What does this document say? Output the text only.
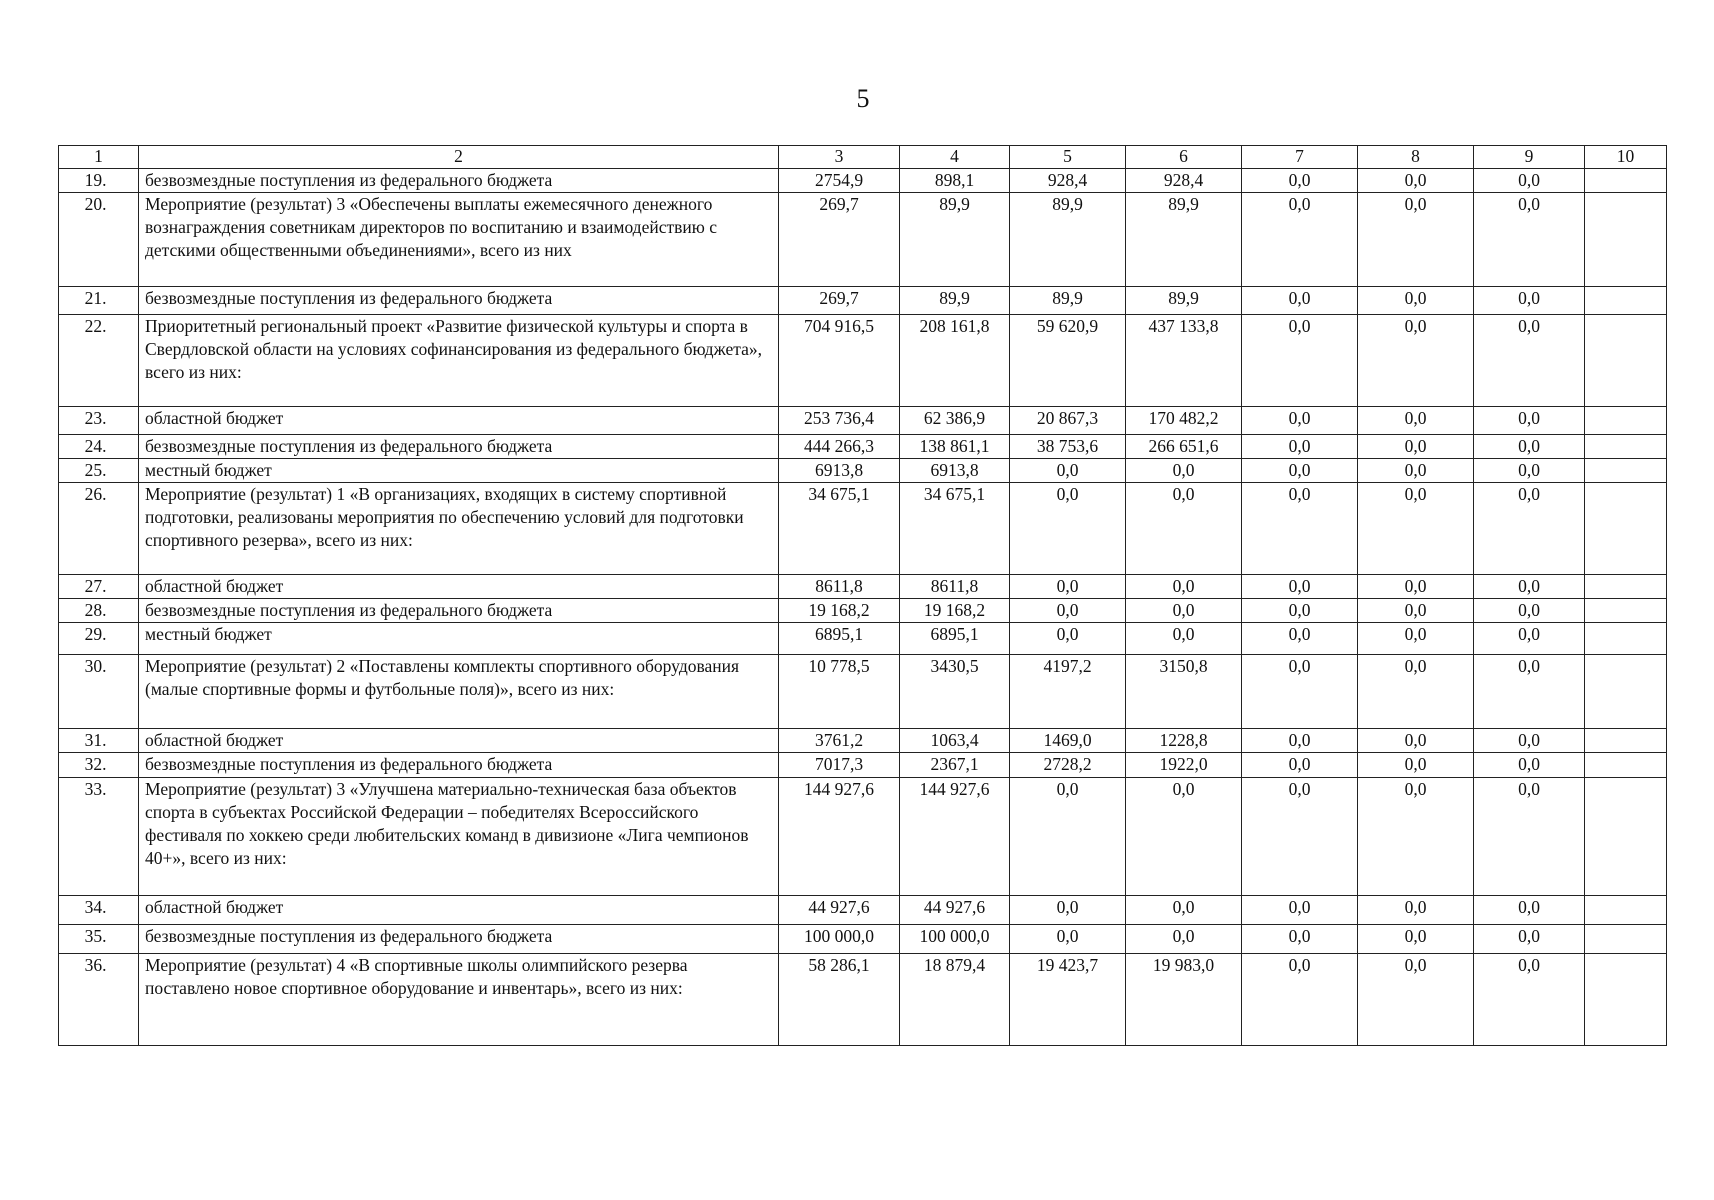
5
1	2	3	4	5	6	7	8	9	10
19.	безвозмездные поступления из федерального бюджета	2754,9	898,1	928,4	928,4	0,0	0,0	0,0	
20.	Мероприятие (результат) 3 «Обеспечены выплаты ежемесячного денежного вознаграждения советникам директоров по воспитанию и взаимодействию с детскими общественными объединениями», всего из них	269,7	89,9	89,9	89,9	0,0	0,0	0,0	
21.	безвозмездные поступления из федерального бюджета	269,7	89,9	89,9	89,9	0,0	0,0	0,0	
22.	Приоритетный региональный проект «Развитие физической культуры и спорта в Свердловской области на условиях софинансирования из федерального бюджета», всего из них:	704 916,5	208 161,8	59 620,9	437 133,8	0,0	0,0	0,0	
23.	областной бюджет	253 736,4	62 386,9	20 867,3	170 482,2	0,0	0,0	0,0	
24.	безвозмездные поступления из федерального бюджета	444 266,3	138 861,1	38 753,6	266 651,6	0,0	0,0	0,0	
25.	местный бюджет	6913,8	6913,8	0,0	0,0	0,0	0,0	0,0	
26.	Мероприятие (результат) 1 «В организациях, входящих в систему спортивной подготовки, реализованы мероприятия по обеспечению условий для подготовки спортивного резерва», всего из них:	34 675,1	34 675,1	0,0	0,0	0,0	0,0	0,0	
27.	областной бюджет	8611,8	8611,8	0,0	0,0	0,0	0,0	0,0	
28.	безвозмездные поступления из федерального бюджета	19 168,2	19 168,2	0,0	0,0	0,0	0,0	0,0	
29.	местный бюджет	6895,1	6895,1	0,0	0,0	0,0	0,0	0,0	
30.	Мероприятие (результат) 2 «Поставлены комплекты спортивного оборудования (малые спортивные формы и футбольные поля)», всего из них:	10 778,5	3430,5	4197,2	3150,8	0,0	0,0	0,0	
31.	областной бюджет	3761,2	1063,4	1469,0	1228,8	0,0	0,0	0,0	
32.	безвозмездные поступления из федерального бюджета	7017,3	2367,1	2728,2	1922,0	0,0	0,0	0,0	
33.	Мероприятие (результат) 3 «Улучшена материально-техническая база объектов спорта в субъектах Российской Федерации – победителях Всероссийского фестиваля по хоккею среди любительских команд в дивизионе «Лига чемпионов 40+», всего из них:	144 927,6	144 927,6	0,0	0,0	0,0	0,0	0,0	
34.	областной бюджет	44 927,6	44 927,6	0,0	0,0	0,0	0,0	0,0	
35.	безвозмездные поступления из федерального бюджета	100 000,0	100 000,0	0,0	0,0	0,0	0,0	0,0	
36.	Мероприятие (результат) 4 «В спортивные школы олимпийского резерва поставлено новое спортивное оборудование и инвентарь», всего из них:	58 286,1	18 879,4	19 423,7	19 983,0	0,0	0,0	0,0	
